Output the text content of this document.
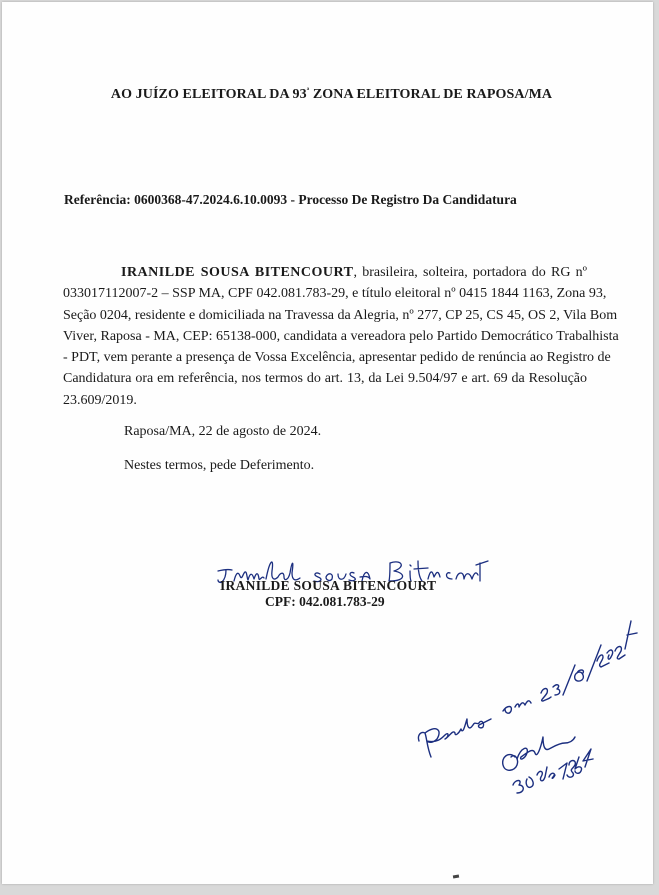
AO JUÍZO ELEITORAL DA $93^ª$ ZONA ELEITORAL DE RAPOSA/MA
Referência: 0600368-47.2024.6.10.0093 - Processo De Registro Da Candidatura
IRANILDE SOUSA BITENCOURT, brasileira, solteira, portadora do RG nº
033017112007-2 – SSP MA, CPF 042.081.783-29, e título eleitoral nº 0415 1844 1163, Zona 93,
Seção 0204, residente e domiciliada na Travessa da Alegria, nº 277, CP 25, CS 45, OS 2, Vila Bom
Viver, Raposa - MA, CEP: 65138-000, candidata a vereadora pelo Partido Democrático Trabalhista
- PDT, vem perante a presença de Vossa Excelência, apresentar pedido de renúncia ao Registro de
Candidatura ora em referência, nos termos do art. 13, da Lei 9.504/97 e art. 69 da Resolução
23.609/2019.
Raposa/MA, 22 de agosto de 2024.
Nestes termos, pede Deferimento.
IRANILDE SOUSA BITENCOURT
CPF: 042.081.783-29
